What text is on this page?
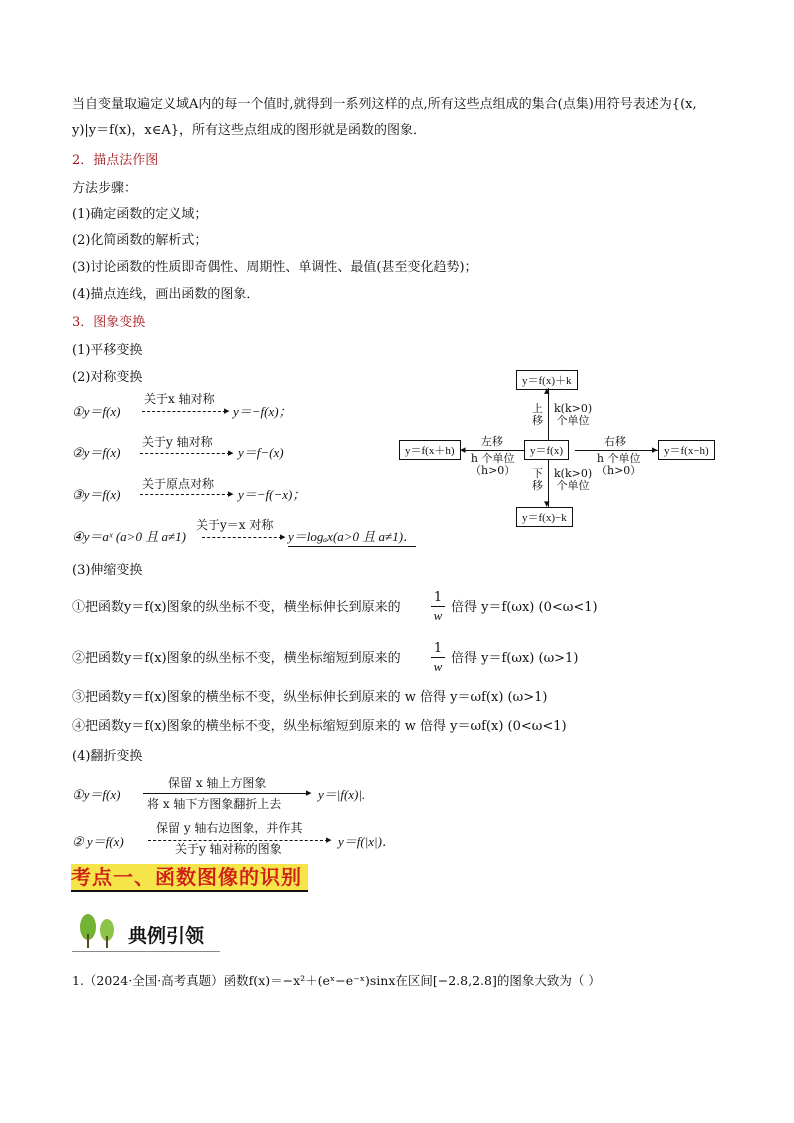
当自变量取遍定义域A内的每一个值时,就得到一系列这样的点,所有这些点组成的集合(点集)用符号表述为{(x,
y)|y＝f(x)，x∈A}，所有这些点组成的图形就是函数的图象．
2．描点法作图
方法步骤：
(1)确定函数的定义域；
(2)化简函数的解析式；
(3)讨论函数的性质即奇偶性、周期性、单调性、最值(甚至变化趋势)；
(4)描点连线，画出函数的图象．
3．图象变换
(1)平移变换
(2)对称变换
①y＝f(x)
关于x 轴对称
▸ y＝−f(x)；
②y＝f(x)
关于y 轴对称
▸ y＝f−(x)
③y＝f(x)
关于原点对称
▸ y＝−f(−x)；
④y＝aˣ (a>0 且 a≠1)
关于y＝x 对称
▸ y＝logₐx(a>0 且 a≠1)．
y＝f(x)＋k
y＝f(x)
y＝f(x)−k
y＝f(x＋h)	y＝f(x−h)
▴
▾
◂	▸
上
移
k(k>0)
个单位
下
移
k(k>0)
个单位
左移
h 个单位
（h>0）
右移
h 个单位
（h>0）
(3)伸缩变换
①把函数y＝f(x)图象的纵坐标不变，横坐标伸长到原来的
1
w
倍得 y＝f(ωx) (0<ω<1)
②把函数y＝f(x)图象的纵坐标不变，横坐标缩短到原来的
1
w
倍得 y＝f(ωx) (ω>1)
③把函数y＝f(x)图象的横坐标不变，纵坐标伸长到原来的 w 倍得 y＝ωf(x) (ω>1)
④把函数y＝f(x)图象的横坐标不变，纵坐标缩短到原来的 w 倍得 y＝ωf(x) (0<ω<1)
(4)翻折变换
①y＝f(x)
保留 x 轴上方图象
▸
将 x 轴下方图象翻折上去
y＝|f(x)|.
② y＝f(x)
保留 y 轴右边图象，并作其
▸
关于y 轴对称的图象	y＝f(|x|)．
考点一、函数图像的识别
典例引领
1.（2024·全国·高考真题）函数f(x)＝−x²＋(eˣ−e⁻ˣ)sinx在区间[−2.8,2.8]的图象大致为（ ）
